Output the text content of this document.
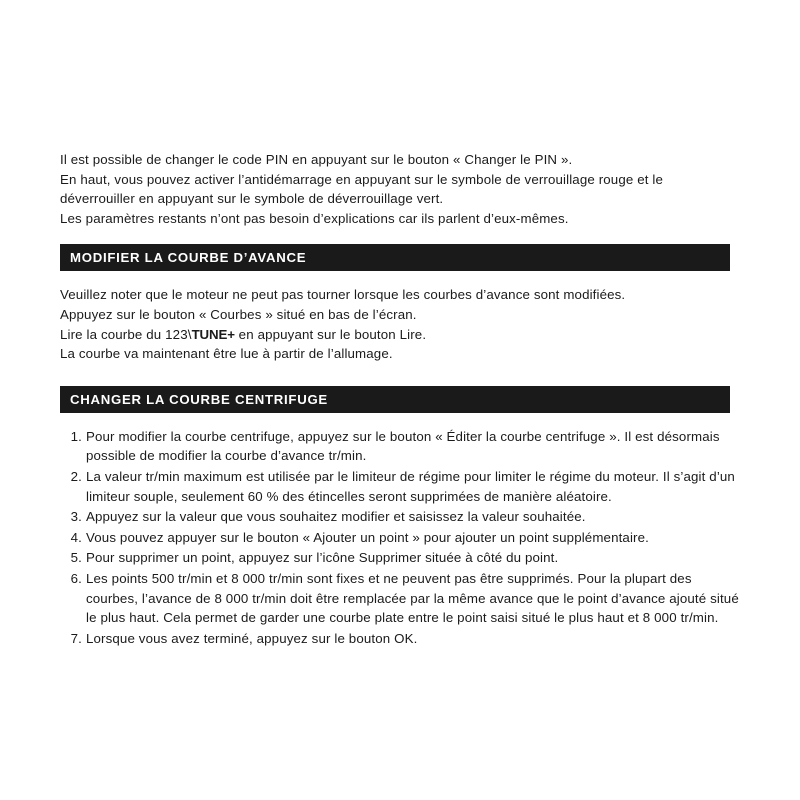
Il est possible de changer le code PIN en appuyant sur le bouton « Changer le PIN ».

En haut, vous pouvez activer l’antidémarrage en appuyant sur le symbole de verrouillage rouge et le déverrouiller en appuyant sur le symbole de déverrouillage vert.

Les paramètres restants n’ont pas besoin d’explications car ils parlent d’eux-mêmes.

MODIFIER LA COURBE D’AVANCE

Veuillez noter que le moteur ne peut pas tourner lorsque les courbes d’avance sont modifiées.

Appuyez sur le bouton « Courbes » situé en bas de l’écran.

Lire la courbe du 123\TUNE+ en appuyant sur le bouton Lire.

La courbe va maintenant être lue à partir de l’allumage.

CHANGER LA COURBE CENTRIFUGE
1. Pour modifier la courbe centrifuge, appuyez sur le bouton « Éditer la courbe centrifuge ». Il est désormais possible de modifier la courbe d’avance tr/min.
2. La valeur tr/min maximum est utilisée par le limiteur de régime pour limiter le régime du moteur. Il s’agit d’un limiteur souple, seulement 60 % des étincelles seront supprimées de manière aléatoire.
3. Appuyez sur la valeur que vous souhaitez modifier et saisissez la valeur souhaitée.
4. Vous pouvez appuyer sur le bouton « Ajouter un point » pour ajouter un point supplémentaire.
5. Pour supprimer un point, appuyez sur l’icône Supprimer située à côté du point.
6. Les points 500 tr/min et 8 000 tr/min sont fixes et ne peuvent pas être supprimés. Pour la plupart des courbes, l’avance de 8 000 tr/min doit être remplacée par la même avance que le point d’avance ajouté situé le plus haut. Cela permet de garder une courbe plate entre le point saisi situé le plus haut et 8 000 tr/min.
7. Lorsque vous avez terminé, appuyez sur le bouton OK.
